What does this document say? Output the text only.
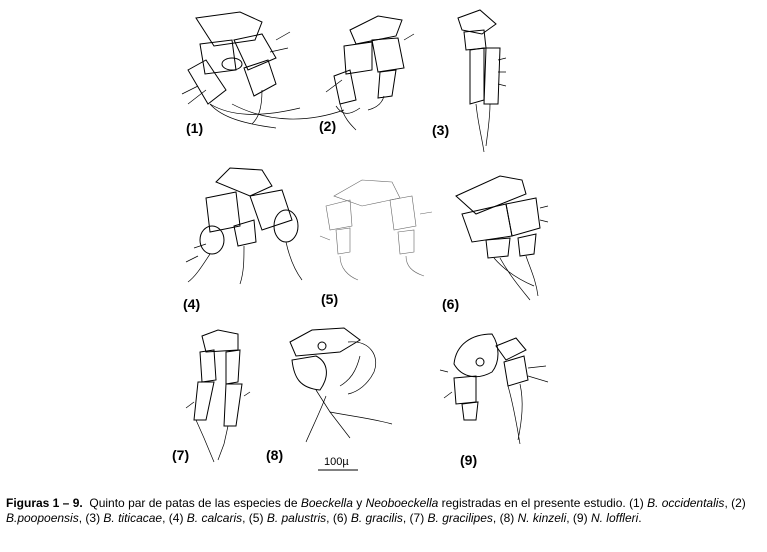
(1)	(2)	(3)
(4)	(5)	(6)
(7)	(8)	(9)
100µ
Figuras 1 – 9. Quinto par de patas de las especies de Boeckella y Neoboeckella registradas en el presente estudio. (1) B. occidentalis, (2) B.poopoensis, (3) B. titicacae, (4) B. calcaris, (5) B. palustris, (6) B. gracilis, (7) B. gracilipes, (8) N. kinzeli, (9) N. loffleri.
